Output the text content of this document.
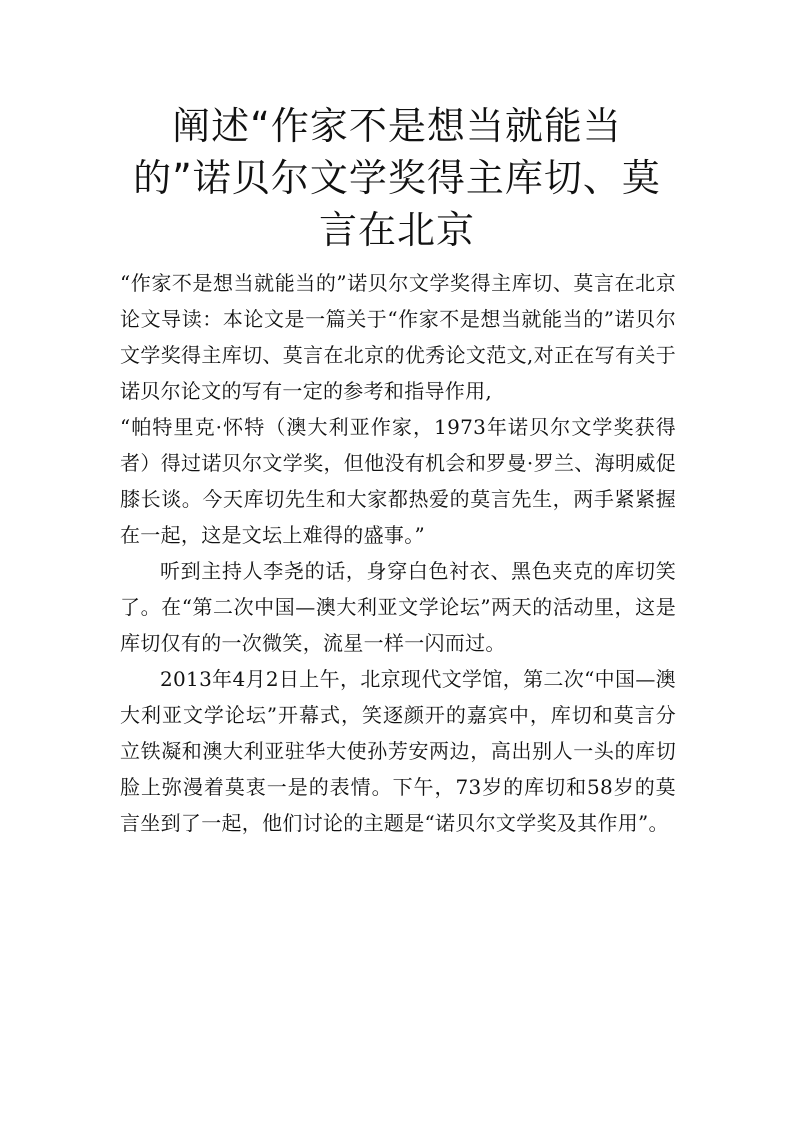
阐述“作家不是想当就能当
的”诺贝尔文学奖得主库切、莫
言在北京

“作家不是想当就能当的”诺贝尔文学奖得主库切、莫言在北京论文导读：本论文是一篇关于“作家不是想当就能当的”诺贝尔文学奖得主库切、莫言在北京的优秀论文范文,对正在写有关于诺贝尔论文的写有一定的参考和指导作用,

“帕特里克·怀特（澳大利亚作家，1973年诺贝尔文学奖获得者）得过诺贝尔文学奖，但他没有机会和罗曼·罗兰、海明威促膝长谈。今天库切先生和大家都热爱的莫言先生，两手紧紧握在一起，这是文坛上难得的盛事。”

听到主持人李尧的话，身穿白色衬衣、黑色夹克的库切笑了。在“第二次中国—澳大利亚文学论坛”两天的活动里，这是库切仅有的一次微笑，流星一样一闪而过。

2013年4月2日上午，北京现代文学馆，第二次“中国—澳大利亚文学论坛”开幕式，笑逐颜开的嘉宾中，库切和莫言分立铁凝和澳大利亚驻华大使孙芳安两边，高出别人一头的库切脸上弥漫着莫衷一是的表情。下午，73岁的库切和58岁的莫言坐到了一起，他们讨论的主题是“诺贝尔文学奖及其作用”。
